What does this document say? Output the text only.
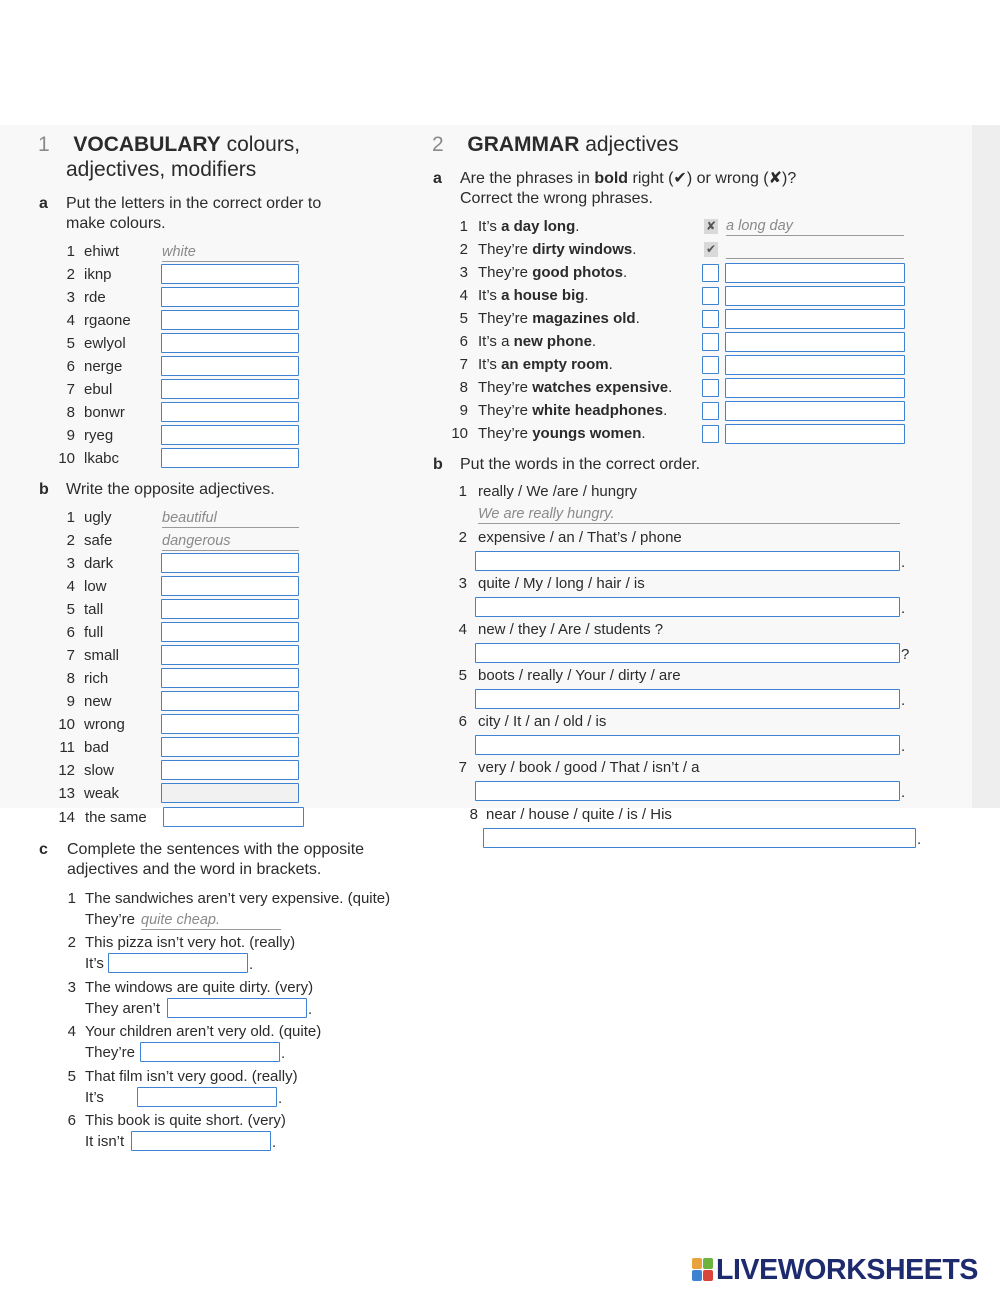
1 VOCABULARY colours,
adjectives, modifiers
a Put the letters in the correct order to
make colours.
1 ehiwt	white
2 iknp
3 rde
4 rgaone
5 ewlyol
6 nerge
7 ebul
8 bonwr
9 ryeg
10 lkabc
b Write the opposite adjectives.
1 ugly	beautiful
2 safe	dangerous
3 dark
4 low
5 tall
6 full
7 small
8 rich
9 new
10 wrong
11 bad
12 slow
13 weak
14 the same
c Complete the sentences with the opposite
adjectives and the word in brackets.
1 The sandwiches aren’t very expensive. (quite)
They’re quite cheap.
2 This pizza isn’t very hot. (really)
It’s	.
3 The windows are quite dirty. (very)
They aren’t	.
4 Your children aren’t very old. (quite)
They’re	.
5 That film isn’t very good. (really)
It’s	.
6 This book is quite short. (very)
It isn’t	.
2 GRAMMAR adjectives
a Are the phrases in bold right (✔) or wrong (✘)?
Correct the wrong phrases.
1 It’s a day long.	✘ a long day
2 They’re dirty windows.	✔
3 They’re good photos.
4 It’s a house big.
5 They’re magazines old.
6 It’s a new phone.
7 It’s an empty room.
8 They’re watches expensive.
9 They’re white headphones.
10 They’re youngs women.
b Put the words in the correct order.
1 really / We /are / hungry
We are really hungry.
2 expensive / an / That’s / phone
.
3 quite / My / long / hair / is
.
4 new / they / Are / students ?
?
5 boots / really / Your / dirty / are
.
6 city / It / an / old / is
.
7 very / book / good / That / isn’t / a
.
8 near / house / quite / is / His
.
LIVEWORKSHEETS
